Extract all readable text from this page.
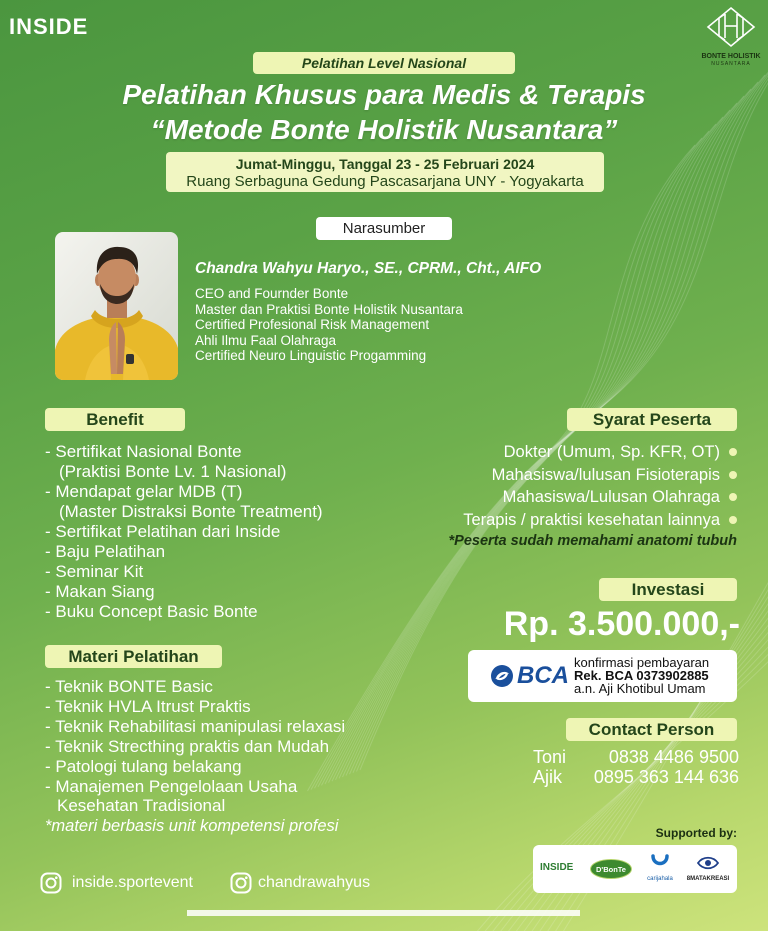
INSIDE
BONTE HOLISTIK
NUSANTARA
Pelatihan Level Nasional
Pelatihan Khusus para Medis & Terapis
“Metode Bonte Holistik Nusantara”
Jumat-Minggu, Tanggal 23 - 25 Februari 2024
Ruang Serbaguna Gedung Pascasarjana UNY - Yogyakarta
Narasumber
Chandra Wahyu Haryo., SE., CPRM., Cht., AIFO
CEO and Fournder Bonte
Master dan Praktisi Bonte Holistik Nusantara
Certified Profesional Risk Management
Ahli Ilmu Faal Olahraga
Certified Neuro Linguistic Progamming
Benefit
- Sertifikat Nasional Bonte
(Praktisi Bonte Lv. 1 Nasional)
- Mendapat gelar MDB (T)
(Master Distraksi Bonte Treatment)
- Sertifikat Pelatihan dari Inside
- Baju Pelatihan
- Seminar Kit
- Makan Siang
- Buku Concept Basic Bonte
Materi Pelatihan
- Teknik BONTE Basic
- Teknik HVLA Itrust Praktis
- Teknik Rehabilitasi manipulasi relaxasi
- Teknik Strecthing praktis dan Mudah
- Patologi tulang belakang
- Manajemen Pengelolaan Usaha
Kesehatan Tradisional
*materi berbasis unit kompetensi profesi
Syarat Peserta
Dokter (Umum, Sp. KFR, OT)
Mahasiswa/lulusan Fisioterapis
Mahasiswa/Lulusan Olahraga
Terapis / praktisi kesehatan lainnya
*Peserta sudah memahami anatomi tubuh
Investasi
Rp. 3.500.000,-
BCA konfirmasi pembayaran
Rek. BCA 0373902885
a.n. Aji Khotibul Umam
Contact Person
Toni 0838 4486 9500
Ajik 0895 363 144 636
Supported by:
INSIDE	D'BonTe
carijahala	8MATAKREASI
inside.sportevent	chandrawahyus
